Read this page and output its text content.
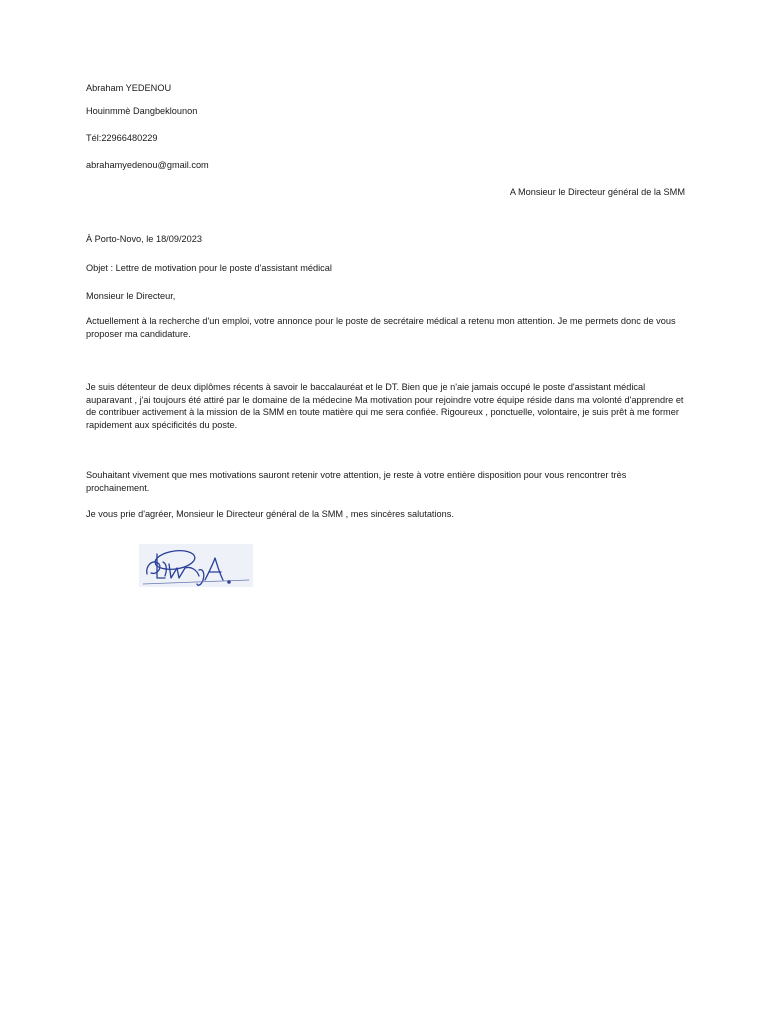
Abraham YEDENOU
Houinmmè Dangbeklounon
Tél:22966480229
abrahamyedenou@gmail.com
A Monsieur le Directeur général de la SMM
À Porto-Novo, le 18/09/2023
Objet : Lettre de motivation pour le poste d'assistant médical
Monsieur le Directeur,
Actuellement à la recherche d'un emploi, votre annonce pour le poste de secrétaire médical a retenu mon attention. Je me permets donc de vous proposer ma candidature.
Je suis détenteur de deux diplômes récents à savoir le baccalauréat et le DT. Bien que je n'aie jamais occupé le poste d'assistant médical auparavant , j'ai toujours été attiré par le domaine de la médecine Ma motivation pour rejoindre votre équipe réside dans ma volonté d'apprendre et de contribuer activement à la mission de la SMM en toute matière qui me sera confiée. Rigoureux , ponctuelle, volontaire, je suis prêt à me former rapidement aux spécificités du poste.
Souhaitant vivement que mes motivations sauront retenir votre attention, je reste à votre entière disposition pour vous rencontrer très prochainement.
Je vous prie d'agréer, Monsieur le Directeur général de la SMM , mes sincères salutations.
